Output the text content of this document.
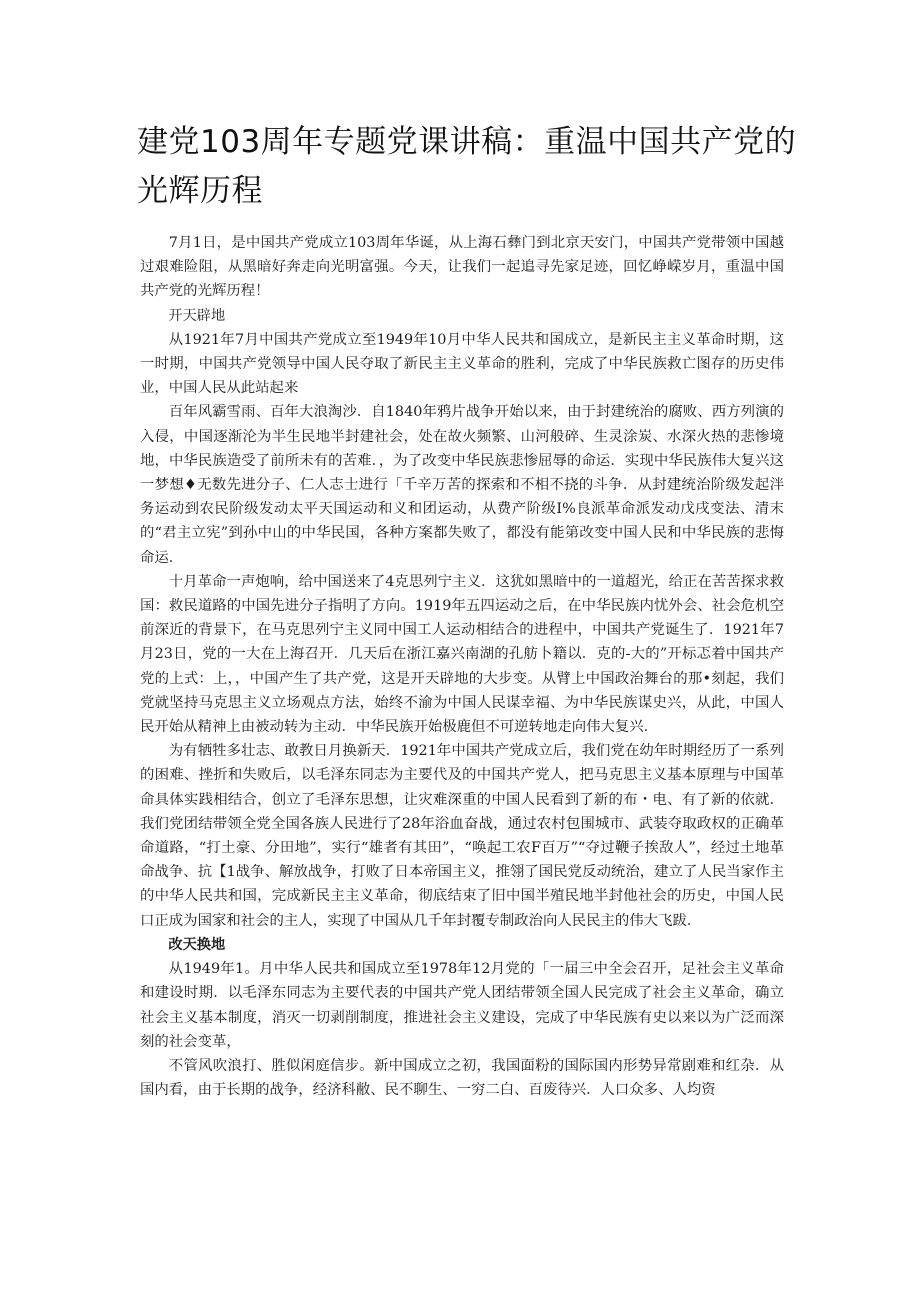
建党103周年专题党课讲稿：重温中国共产党的光辉历程

7月1日，是中国共产党成立103周年华诞，从上海石彝门到北京天安门，中国共产党带领中国越过艰难险阻，从黑暗好奔走向光明富强。今天，让我们一起追寻先家足迹，回忆峥嵘岁月，重温中国共产党的光辉历程！

开天辟地

从1921年7月中国共产党成立至1949年10月中华人民共和国成立，是新民主主义革命时期，这一时期，中国共产党领导中国人民夺取了新民主主义革命的胜利，完成了中华民族救亡图存的历史伟业，中国人民从此站起来

百年风霸雪雨、百年大浪淘沙．自1840年鸦片战争开始以来，由于封建统治的腐败、西方列演的入侵，中国逐渐沦为半生民地半封建社会，处在故火频繁、山河般碎、生灵涂炭、水深火热的悲惨境地，中华民族造受了前所未有的苦难．，为了改变中华民族悲惨屈辱的命运．实现中华民族伟大复兴这一梦想♦无数先进分子、仁人志士进行「千辛万苦的探索和不相不挠的斗争．从封建统治阶级发起泮务运动到农民阶级发动太平天国运动和义和团运动，从费产阶级I%良派革命派发动戊戌变法、清末的“君主立宪”到孙中山的中华民国，各种方案都失败了，都没有能第改变中国人民和中华民族的悲悔命运．

十月革命一声炮响，给中国送来了4克思列宁主义．这犹如黑暗中的一道超光，给正在苦苦探求救国：救民道路的中国先进分子指明了方向。1919年五四运动之后，在中华民族内忧外会、社会危机空前深近的背景下，在马克思列宁主义同中国工人运动相结合的进程中，中国共产党诞生了．1921年7月23日，党的一大在上海召开．几天后在浙江嘉兴南湖的孔舫卜籍以．克的-大的”开标忑着中国共产党的上式：上，，中国产生了共产党，这是开天辟地的大步变。从臂上中国政治舞台的那•刻起，我们党就坚持马克思主义立场观点方法，始终不渝为中国人民谋幸福、为中华民族谋史兴，从此，中国人民开始从精神上由被动转为主动．中华民族开始极鹿但不可逆转地走向伟大复兴．

为有牺牲多壮志、敢教日月换新天．1921年中国共产党成立后，我们党在幼年时期经历了一系列的困难、挫折和失败后，以毛泽东同志为主要代及的中国共产党人，把马克思主义基本原理与中国革命具体实践相结合，创立了毛泽东思想，让灾难深重的中国人民看到了新的布・电、有了新的依就．我们党团结带领全党全国各族人民进行了28年浴血奋战，通过农村包围城市、武装夺取政权的正确革命道路，“打土豪、分田地”，实行“雄者有其田”，“唤起工农F百万”“夺过鞭子挨敌人”，经过土地革命战争、抗【1战争、解放战争，打败了日本帝国主义，推翎了国民党反动统治，建立了人民当家作主的中华人民共和国，完成新民主主义革命，彻底结束了旧中国半殖民地半封他社会的历史，中国人民口正成为国家和社会的主人，实现了中国从几千年封覆专制政治向人民民主的伟大飞跋．

改天换地

从1949年1。月中华人民共和国成立至1978年12月党的「一届三中全会召开，足社会主义革命和建设时期．以毛泽东同志为主要代表的中国共产党人团结带领全国人民完成了社会主义革命，确立社会主义基本制度，消灭一切剥削制度，推进社会主义建设，完成了中华民族有史以来以为广泛而深刻的社会变革，

不管风吹浪打、胜似闲庭信步。新中国成立之初，我国面粉的国际国内形势异常剧难和红杂．从国内看，由于长期的战争，经济科敝、民不聊生、一穷二白、百废待兴．人口众多、人均资
